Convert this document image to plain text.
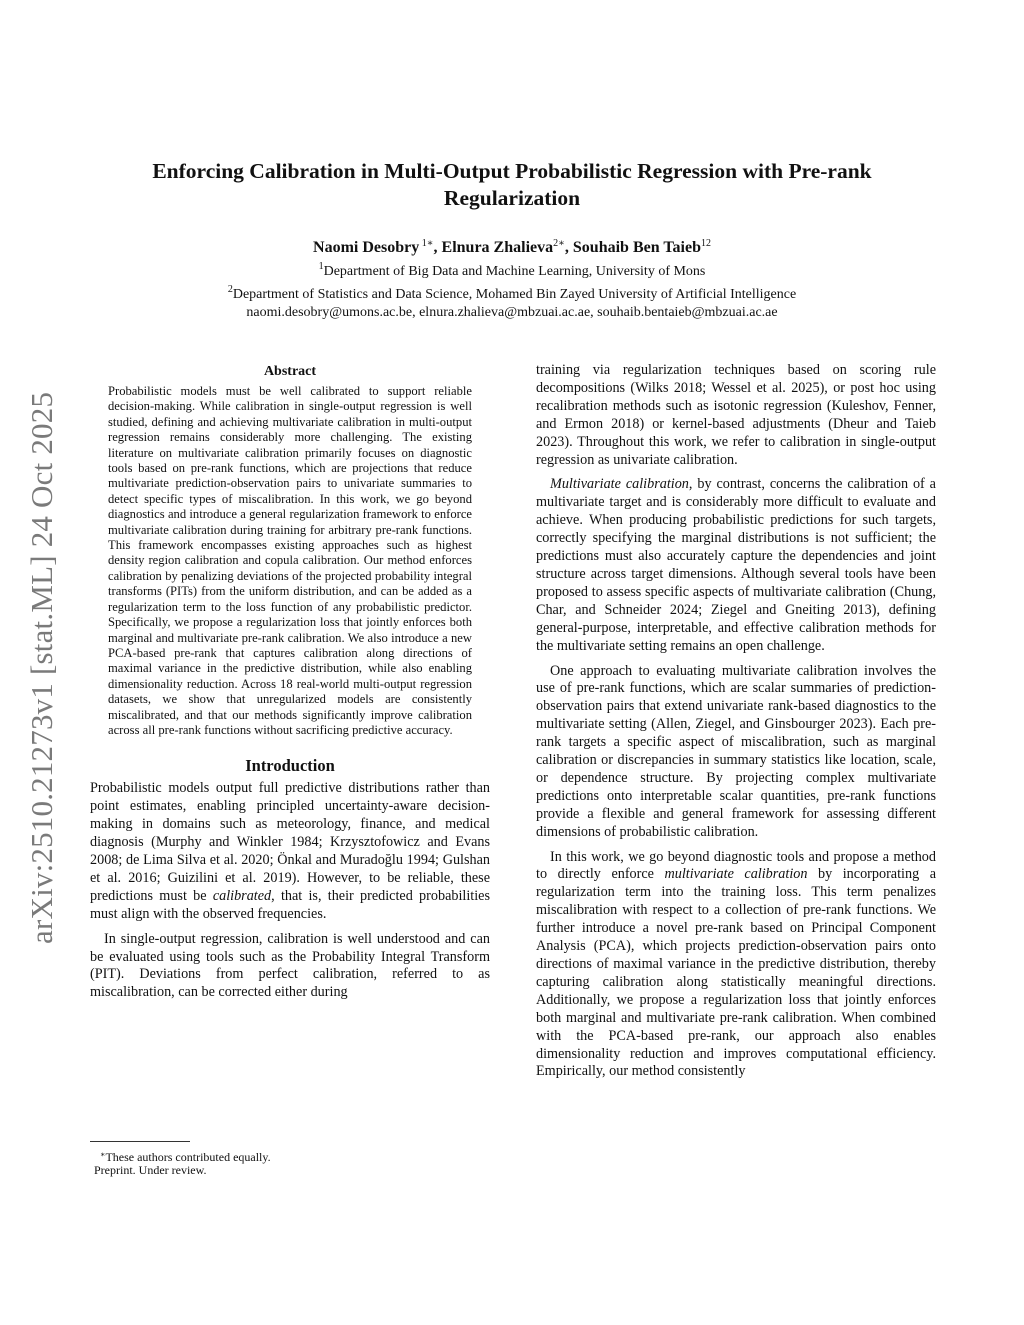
arXiv:2510.21273v1 [stat.ML] 24 Oct 2025
Enforcing Calibration in Multi-Output Probabilistic Regression with Pre-rank
Regularization
Naomi Desobry $^{1∗}$, Elnura Zhalieva$^{2∗}$, Souhaib Ben Taieb$^{12}$
$^1$Department of Big Data and Machine Learning, University of Mons
$^2$Department of Statistics and Data Science, Mohamed Bin Zayed University of Artificial Intelligence
naomi.desobry@umons.ac.be, elnura.zhalieva@mbzuai.ac.ae, souhaib.bentaieb@mbzuai.ac.ae
Abstract

Probabilistic models must be well calibrated to support reliable decision-making. While calibration in single-output regression is well studied, defining and achieving multivariate calibration in multi-output regression remains considerably more challenging. The existing literature on multivariate calibration primarily focuses on diagnostic tools based on pre-rank functions, which are projections that reduce multivariate prediction-observation pairs to univariate summaries to detect specific types of miscalibration. In this work, we go beyond diagnostics and introduce a general regularization framework to enforce multivariate calibration during training for arbitrary pre-rank functions. This framework encompasses existing approaches such as highest density region calibration and copula calibration. Our method enforces calibration by penalizing deviations of the projected probability integral transforms (PITs) from the uniform distribution, and can be added as a regularization term to the loss function of any probabilistic predictor. Specifically, we propose a regularization loss that jointly enforces both marginal and multivariate pre-rank calibration. We also introduce a new PCA-based pre-rank that captures calibration along directions of maximal variance in the predictive distribution, while also enabling dimensionality reduction. Across 18 real-world multi-output regression datasets, we show that unregularized models are consistently miscalibrated, and that our methods significantly improve calibration across all pre-rank functions without sacrificing predictive accuracy.

Introduction

Probabilistic models output full predictive distributions rather than point estimates, enabling principled uncertainty-aware decision-making in domains such as meteorology, finance, and medical diagnosis (Murphy and Winkler 1984; Krzysztofowicz and Evans 2008; de Lima Silva et al. 2020; Önkal and Muradoğlu 1994; Gulshan et al. 2016; Guizilini et al. 2019). However, to be reliable, these predictions must be calibrated, that is, their predicted probabilities must align with the observed frequencies.

In single-output regression, calibration is well understood and can be evaluated using tools such as the Probability Integral Transform (PIT). Deviations from perfect calibration, referred to as miscalibration, can be corrected either during

training via regularization techniques based on scoring rule decompositions (Wilks 2018; Wessel et al. 2025), or post hoc using recalibration methods such as isotonic regression (Kuleshov, Fenner, and Ermon 2018) or kernel-based adjustments (Dheur and Taieb 2023). Throughout this work, we refer to calibration in single-output regression as univariate calibration.

Multivariate calibration, by contrast, concerns the calibration of a multivariate target and is considerably more difficult to evaluate and achieve. When producing probabilistic predictions for such targets, correctly specifying the marginal distributions is not sufficient; the predictions must also accurately capture the dependencies and joint structure across target dimensions. Although several tools have been proposed to assess specific aspects of multivariate calibration (Chung, Char, and Schneider 2024; Ziegel and Gneiting 2013), defining general-purpose, interpretable, and effective calibration methods for the multivariate setting remains an open challenge.

One approach to evaluating multivariate calibration involves the use of pre-rank functions, which are scalar summaries of prediction-observation pairs that extend univariate rank-based diagnostics to the multivariate setting (Allen, Ziegel, and Ginsbourger 2023). Each pre-rank targets a specific aspect of miscalibration, such as marginal calibration or discrepancies in summary statistics like location, scale, or dependence structure. By projecting complex multivariate predictions onto interpretable scalar quantities, pre-rank functions provide a flexible and general framework for assessing different dimensions of probabilistic calibration.

In this work, we go beyond diagnostic tools and propose a method to directly enforce multivariate calibration by incorporating a regularization term into the training loss. This term penalizes miscalibration with respect to a collection of pre-rank functions. We further introduce a novel pre-rank based on Principal Component Analysis (PCA), which projects prediction-observation pairs onto directions of maximal variance in the predictive distribution, thereby capturing calibration along statistically meaningful directions. Additionally, we propose a regularization loss that jointly enforces both marginal and multivariate pre-rank calibration. When combined with the PCA-based pre-rank, our approach also enables dimensionality reduction and improves computational efficiency. Empirically, our method consistently

∗These authors contributed equally.
Preprint. Under review.
